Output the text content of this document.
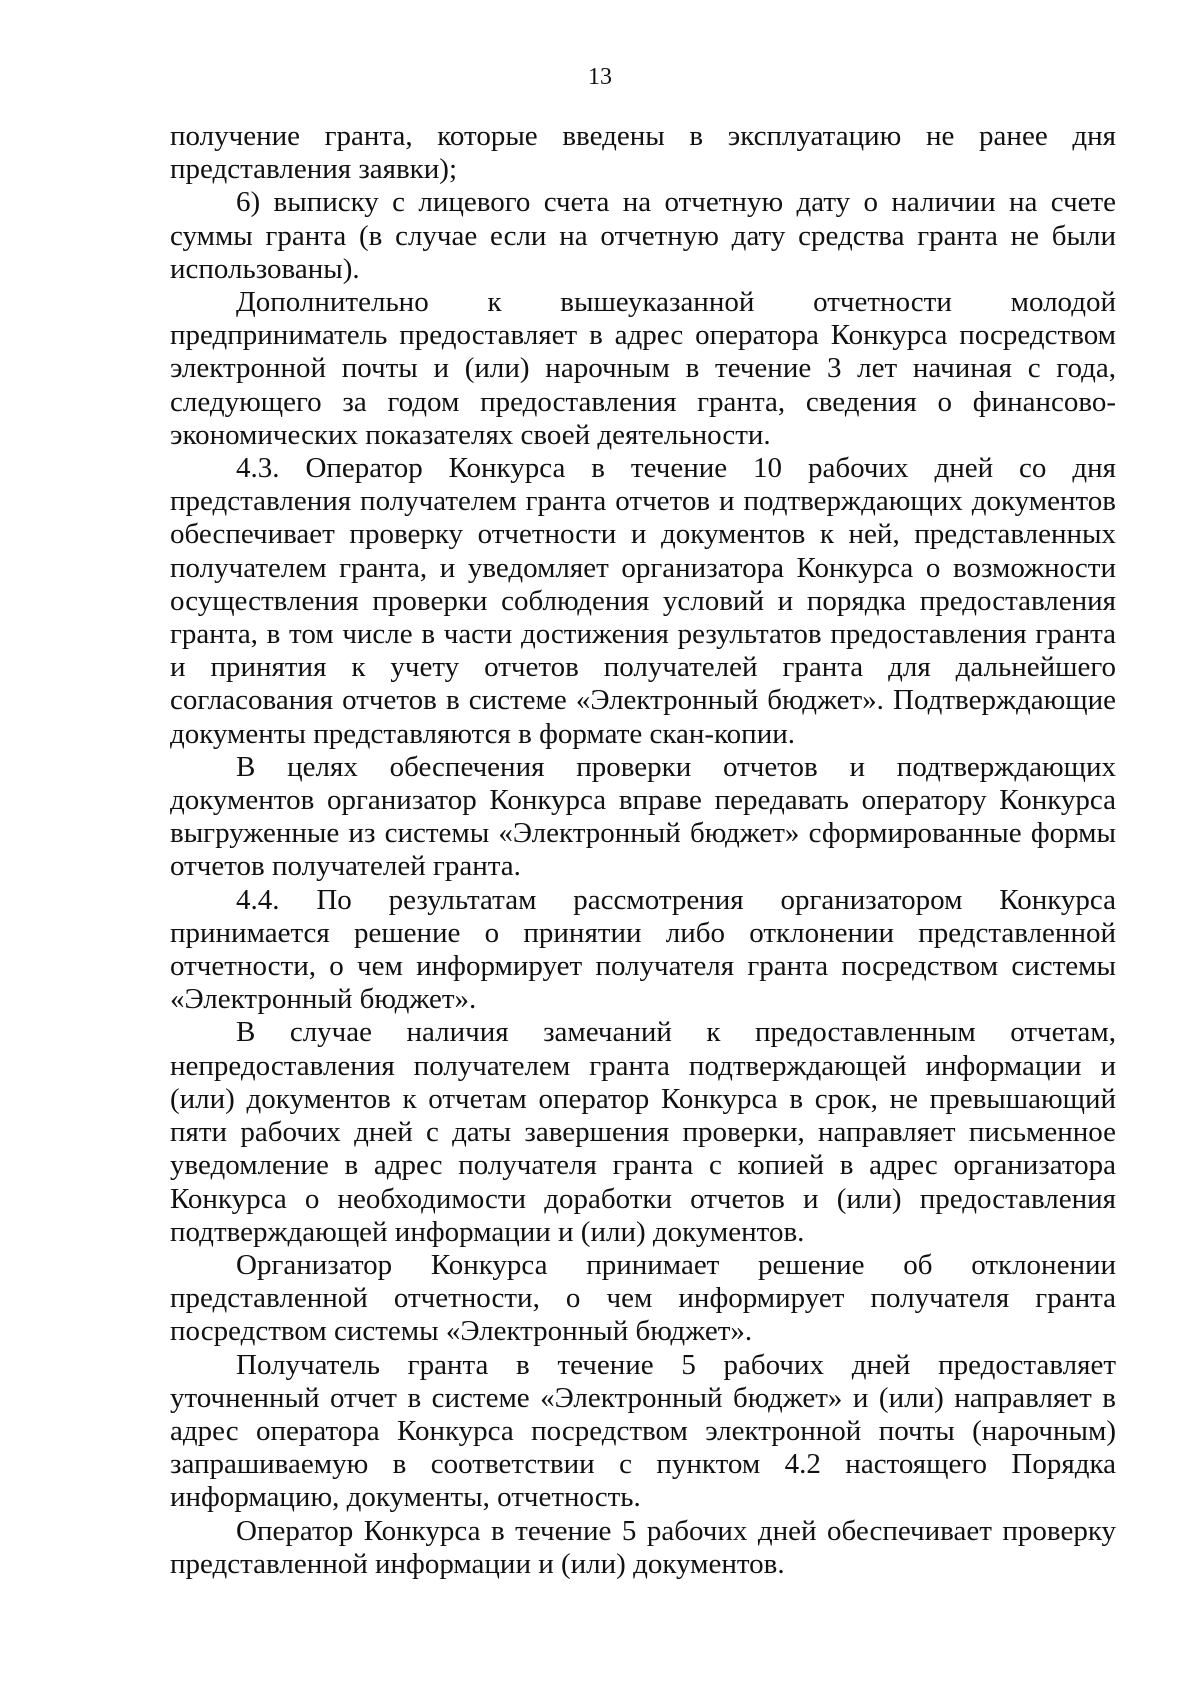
13

получение гранта, которые введены в эксплуатацию не ранее дня представления заявки);

6) выписку с лицевого счета на отчетную дату о наличии на счете суммы гранта (в случае если на отчетную дату средства гранта не были использованы).

Дополнительно к вышеуказанной отчетности молодой предприниматель предоставляет в адрес оператора Конкурса посредством электронной почты и (или) нарочным в течение 3 лет начиная с года, следующего за годом предоставления гранта, сведения о финансово-экономических показателях своей деятельности.

4.3. Оператор Конкурса в течение 10 рабочих дней со дня представления получателем гранта отчетов и подтверждающих документов обеспечивает проверку отчетности и документов к ней, представленных получателем гранта, и уведомляет организатора Конкурса о возможности осуществления проверки соблюдения условий и порядка предоставления гранта, в том числе в части достижения результатов предоставления гранта и принятия к учету отчетов получателей гранта для дальнейшего согласования отчетов в системе «Электронный бюджет». Подтверждающие документы представляются в формате скан-копии.

В целях обеспечения проверки отчетов и подтверждающих документов организатор Конкурса вправе передавать оператору Конкурса выгруженные из системы «Электронный бюджет» сформированные формы отчетов получателей гранта.

4.4. По результатам рассмотрения организатором Конкурса принимается решение о принятии либо отклонении представленной отчетности, о чем информирует получателя гранта посредством системы «Электронный бюджет».

В случае наличия замечаний к предоставленным отчетам, непредоставления получателем гранта подтверждающей информации и (или) документов к отчетам оператор Конкурса в срок, не превышающий пяти рабочих дней с даты завершения проверки, направляет письменное уведомление в адрес получателя гранта с копией в адрес организатора Конкурса о необходимости доработки отчетов и (или) предоставления подтверждающей информации и (или) документов.

Организатор Конкурса принимает решение об отклонении представленной отчетности, о чем информирует получателя гранта посредством системы «Электронный бюджет».

Получатель гранта в течение 5 рабочих дней предоставляет уточненный отчет в системе «Электронный бюджет» и (или) направляет в адрес оператора Конкурса посредством электронной почты (нарочным) запрашиваемую в соответствии с пунктом 4.2 настоящего Порядка информацию, документы, отчетность.

Оператор Конкурса в течение 5 рабочих дней обеспечивает проверку представленной информации и (или) документов.
